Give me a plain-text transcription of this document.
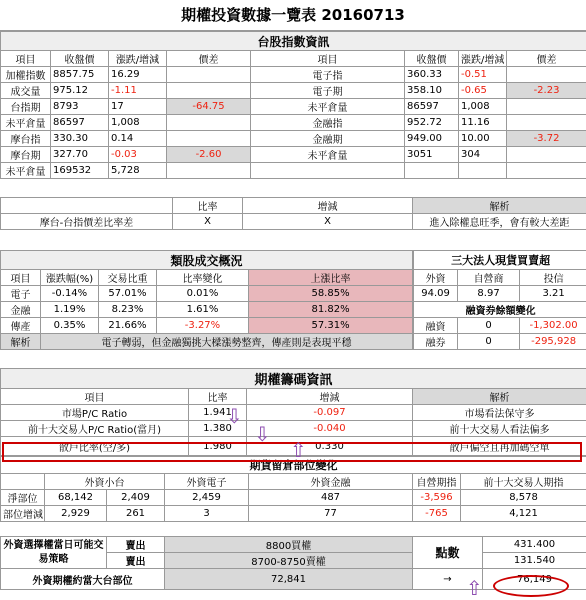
期權投資數據一覽表 20160713
台股指數資訊							
項目	收盤價	漲跌/增減	價差	項目	收盤價	漲跌/增減	價差
加權指數	8857.75	16.29		電子指	360.33	-0.51	
成交量	975.12	-1.11		電子期	358.10	-0.65	-2.23
台指期	8793	17	-64.75	未平倉量	86597	1,008	
未平倉量	86597	1,008		金融指	952.72	11.16	
摩台指	330.30	0.14		金融期	949.00	10.00	-3.72
摩台期	327.70	-0.03	-2.60	未平倉量	3051	304	
未平倉量	169532	5,728					
	比率	增減	解析
摩台-台指價差比率差	X	X	進入除權息旺季，會有較大差距
類股成交概況				
項目	漲跌幅(%)	交易比重	比率變化	上漲比率
電子	-0.14%	57.01%	0.01%	58.85%
金融	1.19%	8.23%	1.61%	81.82%
傳產	0.35%	21.66%	-3.27%	57.31%
解析	電子轉弱，但金融獨挑大樑漲勢整齊，傳產則是表現平穩			
三大法人現貨買賣超		
外資	自營商	投信
94.09	8.97	3.21
融資券餘額變化		
融資	0	-1,302.00
融券	0	-295,928
期權籌碼資訊			
項目	比率	增減	解析
市場P/C Ratio	1.941	-0.097	市場看法保守多
前十大交易人P/C Ratio(當月)	1.380	-0.040	前十大交易人看法偏多
散戶比率(空/多)	1.980	0.330	散戶偏空且再加碼空單
期貨留倉部位變化						
	外資小台		外資電子	外資金融	自營期指	前十大交易人期指
淨部位	68,142	2,409	2,459	487	-3,596	8,578
部位增減	2,929	261	3	77	-765	4,121
外資選擇權當日可能交易策略	賣出	8800買權	點數	431.400
	賣出	8700-8750賣權		131.540
外資期權約當大台部位		72,841	→	76,149
⇩
⇩
⇧
⇧
